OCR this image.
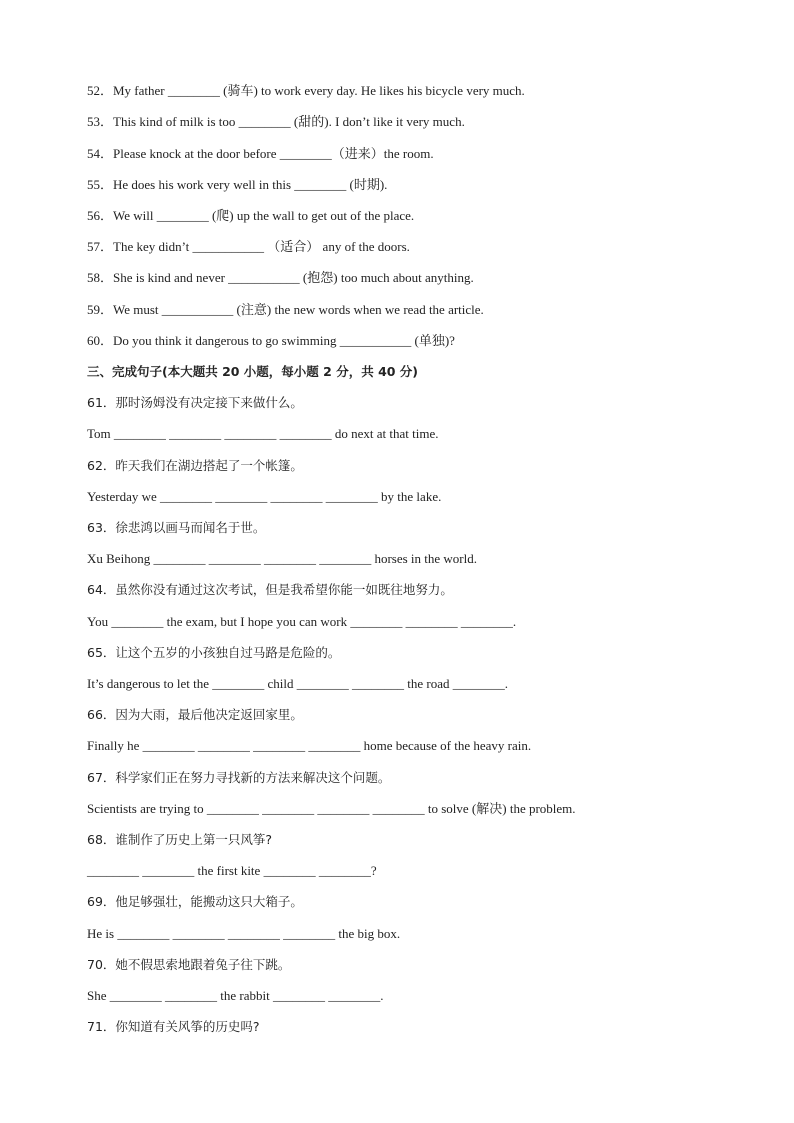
52．My father ________ (骑车) to work every day. He likes his bicycle very much.
53．This kind of milk is too ________ (甜的). I don’t like it very much.
54．Please knock at the door before ________（进来）the room.
55．He does his work very well in this ________ (时期).
56．We will ________ (爬) up the wall to get out of the place.
57．The key didn’t ___________ （适合） any of the doors.
58．She is kind and never ___________ (抱怨) too much about anything.
59．We must ___________ (注意) the new words when we read the article.
60．Do you think it dangerous to go swimming ___________ (单独)?
三、完成句子(本大题共 20 小题，每小题 2 分，共 40 分)
61．那时汤姆没有决定接下来做什么。
Tom ________ ________ ________ ________ do next at that time.
62．昨天我们在湖边搭起了一个帐篷。
Yesterday we ________ ________ ________ ________ by the lake.
63．徐悲鸿以画马而闻名于世。
Xu Beihong ________ ________ ________ ________ horses in the world.
64．虽然你没有通过这次考试，但是我希望你能一如既往地努力。
You ________ the exam, but I hope you can work ________ ________ ________.
65．让这个五岁的小孩独自过马路是危险的。
It’s dangerous to let the ________ child ________ ________ the road ________.
66．因为大雨，最后他决定返回家里。
Finally he ________ ________ ________ ________ home because of the heavy rain.
67．科学家们正在努力寻找新的方法来解决这个问题。
Scientists are trying to ________ ________ ________ ________ to solve (解决) the problem.
68．谁制作了历史上第一只风筝?
________ ________ the first kite ________ ________?
69．他足够强壮，能搬动这只大箱子。
He is ________ ________ ________ ________ the big box.
70．她不假思索地跟着兔子往下跳。
She ________ ________ the rabbit ________ ________.
71．你知道有关风筝的历史吗?
